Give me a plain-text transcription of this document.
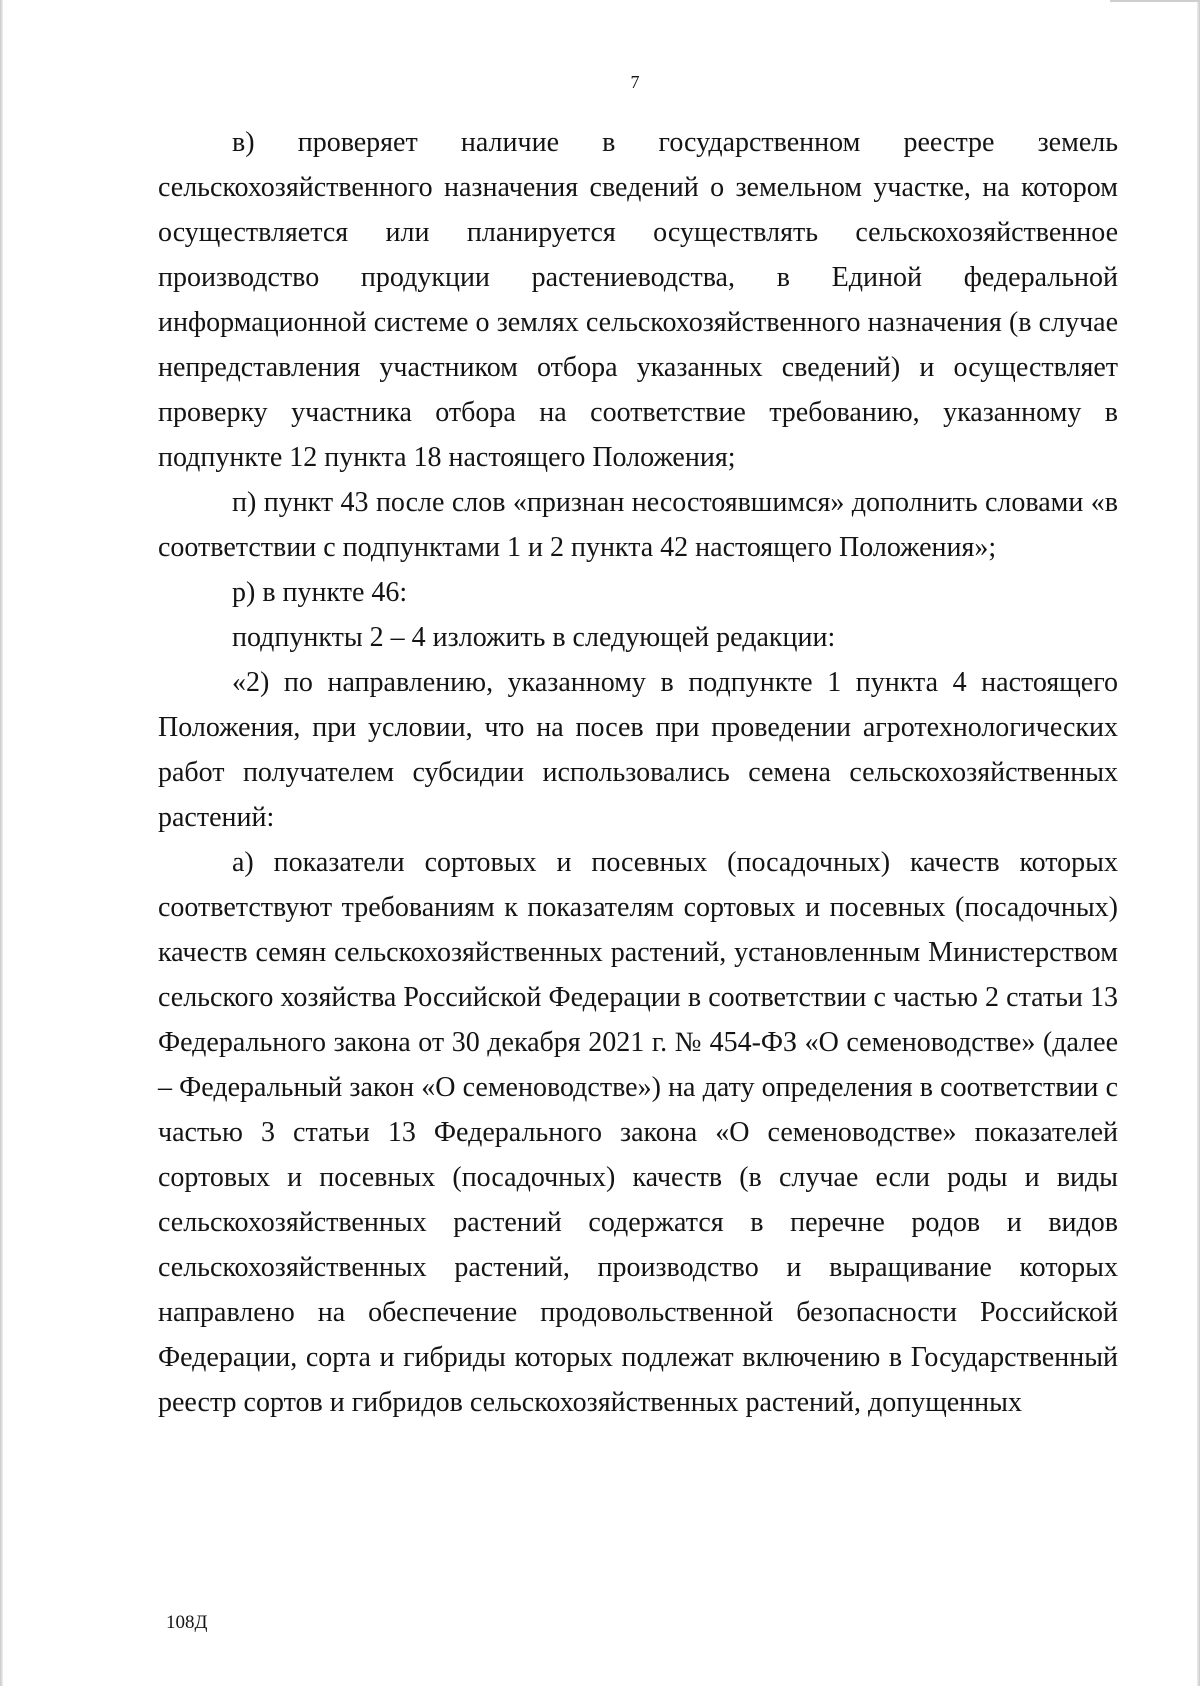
7

в) проверяет наличие в государственном реестре земель сельскохозяйственного назначения сведений о земельном участке, на котором осуществляется или планируется осуществлять сельскохозяйственное производство продукции растениеводства, в Единой федеральной информационной системе о землях сельскохозяйственного назначения (в случае непредставления участником отбора указанных сведений) и осуществляет проверку участника отбора на соответствие требованию, указанному в подпункте 12 пункта 18 настоящего Положения;

п) пункт 43 после слов «признан несостоявшимся» дополнить словами «в соответствии с подпунктами 1 и 2 пункта 42 настоящего Положения»;

р) в пункте 46:

подпункты 2 – 4 изложить в следующей редакции:

«2) по направлению, указанному в подпункте 1 пункта 4 настоящего Положения, при условии, что на посев при проведении агротехнологических работ получателем субсидии использовались семена сельскохозяйственных растений:

а) показатели сортовых и посевных (посадочных) качеств которых соответствуют требованиям к показателям сортовых и посевных (посадочных) качеств семян сельскохозяйственных растений, установленным Министерством сельского хозяйства Российской Федерации в соответствии с частью 2 статьи 13 Федерального закона от 30 декабря 2021 г. № 454-ФЗ «О семеноводстве» (далее – Федеральный закон «О семеноводстве») на дату определения в соответствии с частью 3 статьи 13 Федерального закона «О семеноводстве» показателей сортовых и посевных (посадочных) качеств (в случае если роды и виды сельскохозяйственных растений содержатся в перечне родов и видов сельскохозяйственных растений, производство и выращивание которых направлено на обеспечение продовольственной безопасности Российской Федерации, сорта и гибриды которых подлежат включению в Государственный реестр сортов и гибридов сельскохозяйственных растений, допущенных

108Д
